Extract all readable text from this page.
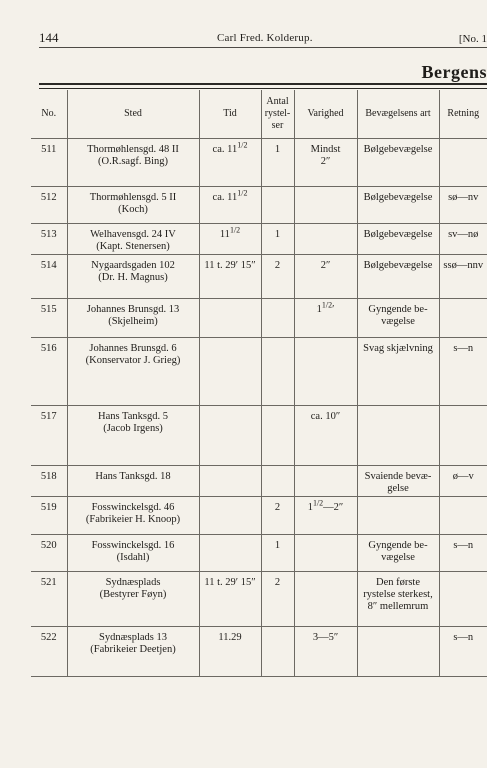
144	Carl Fred. Kolderup.	[No. 1
Bergens
No.	Sted	Tid	Antal rystel-ser	Varighed	Bevægelsens art	Retning

511	Thormøhlensgd. 48 II
(O.R.sagf. Bing)	ca. $11^{1/2}$	1	Mindst
2″	Bølgebevægelse	

512	Thormøhlensgd. 5 II
(Koch)	ca. $11^{1/2}$			Bølgebevægelse	sø—nv

513	Welhavensgd. 24 IV
(Kapt. Stenersen)	$11^{1/2}$	1		Bølgebevægelse	sv—nø

514	Nygaardsgaden 102
(Dr. H. Magnus)	11 t. 29′ 15″	2	2″	Bølgebevægelse	ssø—nnv

515	Johannes Brunsgd. 13
(Skjelheim)			$1^{1/2}'$	Gyngende be-
vægelse	

516	Johannes Brunsgd. 6
(Konservator J. Grieg)				Svag skjælvning	s—n

517	Hans Tanksgd. 5
(Jacob Irgens)			ca. 10″		

518	Hans Tanksgd. 18				Svaiende bevæ-
gelse	ø—v

519	Fosswinckelsgd. 46
(Fabrikeier H. Knoop)		2	$1^{1/2}—2''$		

520	Fosswinckelsgd. 16
(Isdahl)		1		Gyngende be-
vægelse	s—n

521	Sydnæsplads
(Bestyrer Føyn)	11 t. 29′ 15″	2		Den første
rystelse sterkest,
8″ mellemrum	

522	Sydnæsplads 13
(Fabrikeier Deetjen)	11.29		3—5″		s—n
